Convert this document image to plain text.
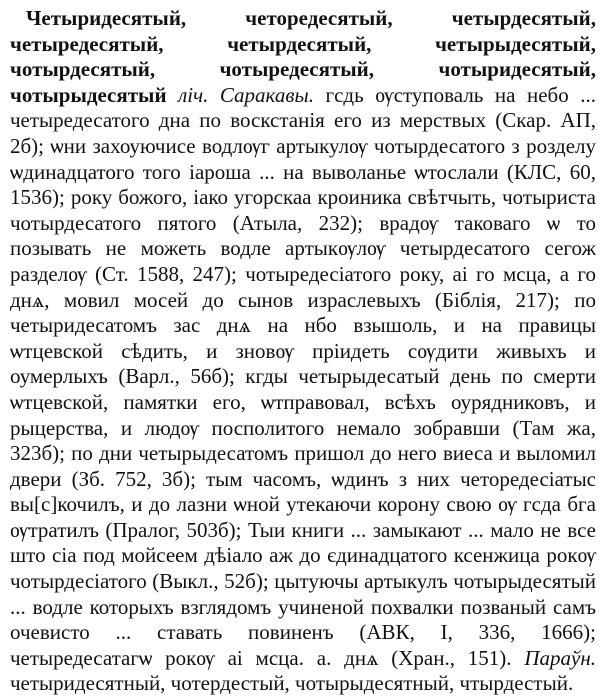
Четыридесятый, четоредесятый, четырдесятый, четыредесятый, четырдесятый, четырыдесятый, чотырдесятый, чотыредесятый, чотыридесятый, чотырыдесятый ліч. Саракавы. гсдь ѹступоваль на небо ... четыредесатого дна по воскстанія его из мерствых (Скар. АП, 2б); ѡни захоуючисе водлѹг артыкулѹ чотырдесатого з розделу ѡдинадцатого того іароша ... на выволанье ѡтослали (КЛС, 60, 1536); року божого, іако угорскаа кроиника свѣтчыть, чотыриста чотырдесатого пятого (Атыла, 232); врадѹ таковаго ѡ то позывать не можеть водле артыкѹлѹ четырдесатого сегож разделѹ (Ст. 1588, 247); чотыредесіатого року, аі го мсца, а го днѧ, мовил мосей до сынов израслевыхъ (Біблія, 217); по четыридесатомъ зас днѧ на нбо взышоль, и на правицы ѡтцевской сѣдить, и зновѹ пріидеть сѹдити живыхъ и оумерлыхъ (Варл., 56б); кгды четырыдесатый день по смерти ѡтцевской, памятки его, ѡтправовал, всѣхъ оурядниковъ, и рыцерства, и людѹ посполитого немало зобравши (Там жа, 323б); по дни четырыдесатомъ пришол до него виеса и выломил двери (Зб. 752, 3б); тым часомъ, ѡдинъ з них четоредесіатыс вы[с]кочилъ, и до лазни ѡной утекаючи корону свою ѹ гсда бга ѹтратилъ (Пралог, 503б); Тыи книги ... замыкают ... мало не все што сіа под мойсеем дѣіало аж до єдинадцатого ксенжица рокѹ чотырдесіатого (Выкл., 52б); цытуючы артыкулъ чотырыдесятый ... водле которыхъ взглядомъ учиненой похвалки позваный самъ очевисто ... ставать повиненъ (АВК, І, 336, 1666); четыредесатагѡ рокѹ аі мсца. а. днѧ (Хран., 151). Параўн. четыридесятный, чотердестый, чотырыдесятный, чтырдестый.
